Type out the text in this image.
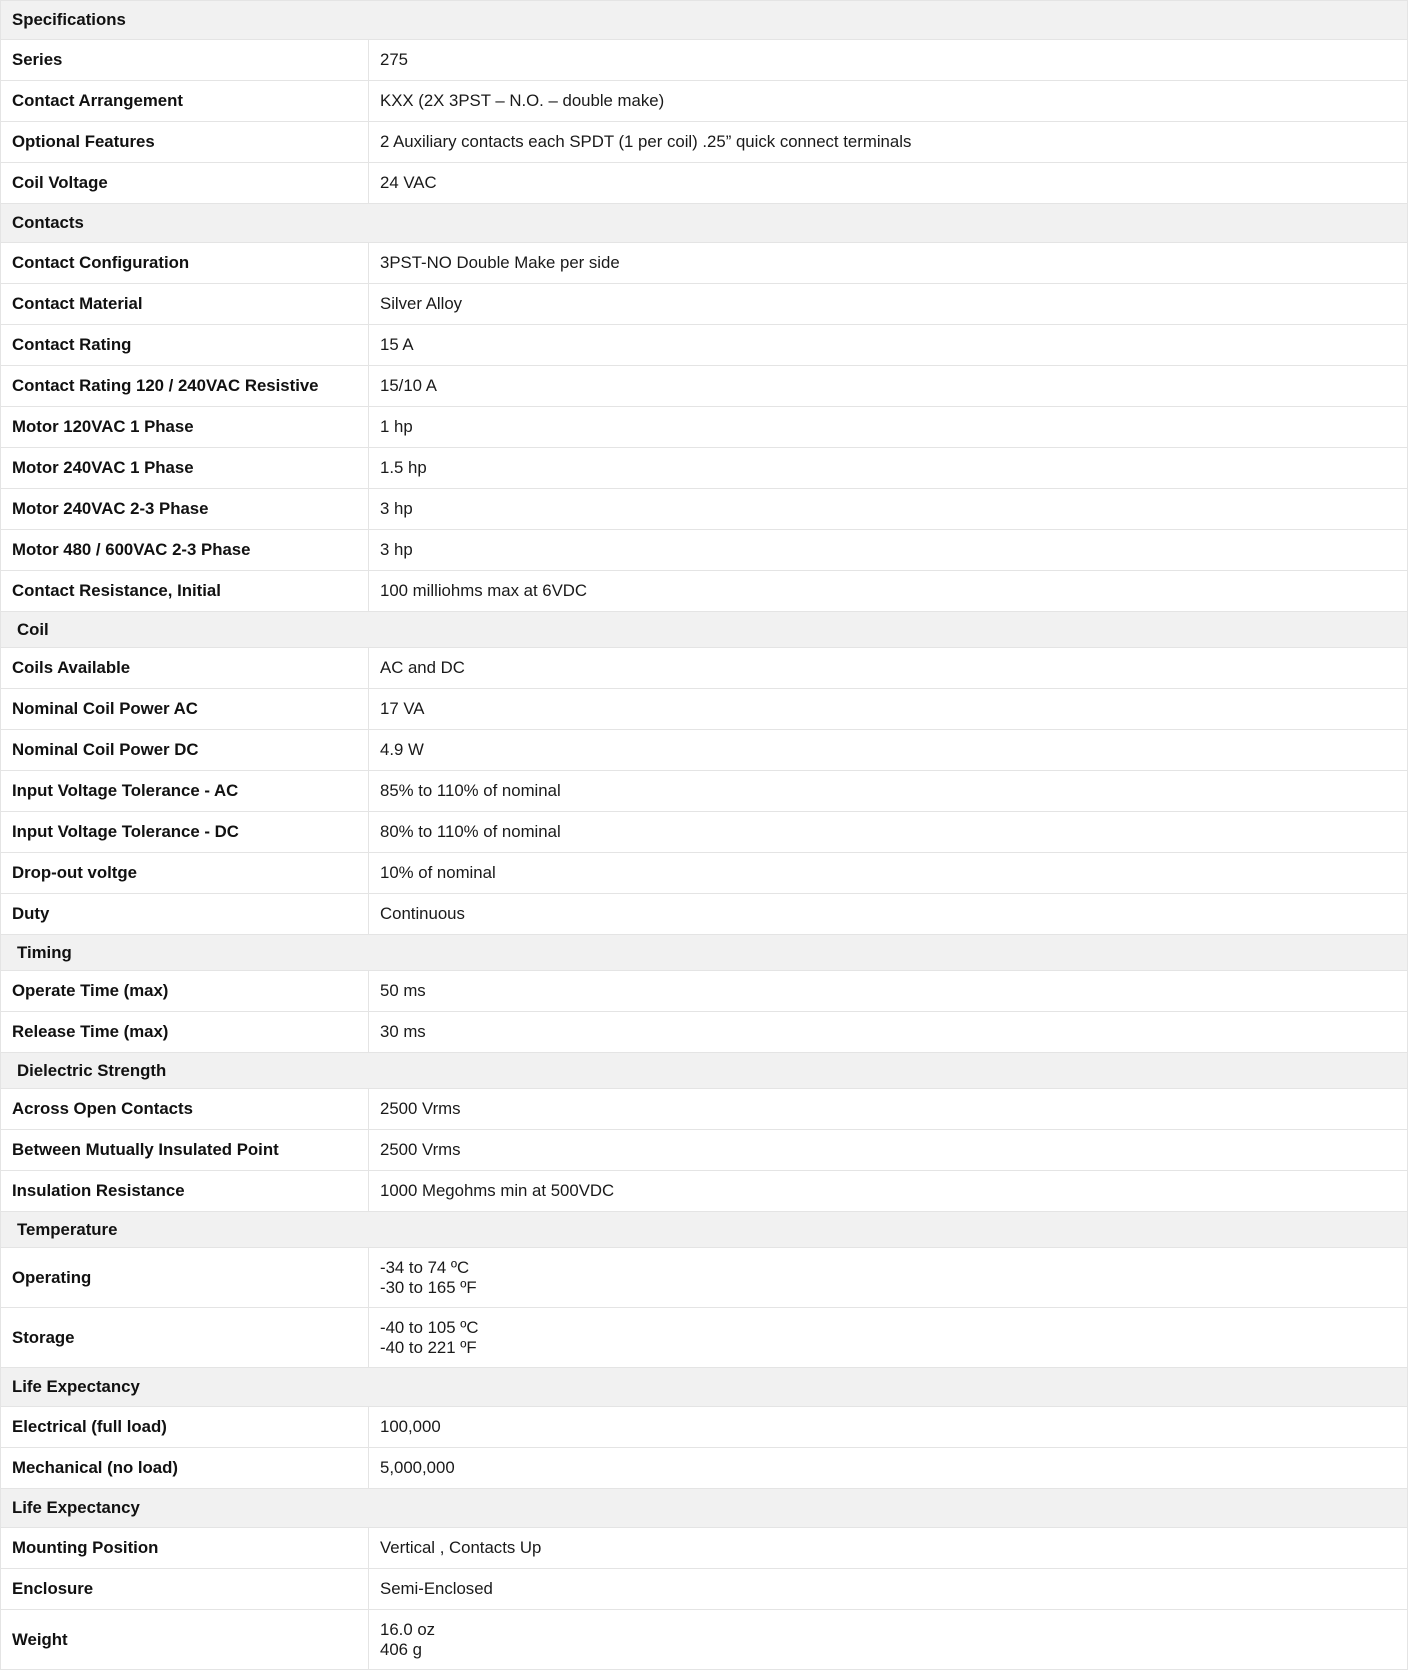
Specifications	
Series	275
Contact Arrangement	KXX (2X 3PST – N.O. – double make)
Optional Features	2 Auxiliary contacts each SPDT (1 per coil) .25” quick connect terminals
Coil Voltage	24 VAC
Contacts	
Contact Configuration	3PST-NO Double Make per side
Contact Material	Silver Alloy
Contact Rating	15 A
Contact Rating 120 / 240VAC Resistive	15/10 A
Motor 120VAC 1 Phase	1 hp
Motor 240VAC 1 Phase	1.5 hp
Motor 240VAC 2-3 Phase	3 hp
Motor 480 / 600VAC 2-3 Phase	3 hp
Contact Resistance, Initial	100 milliohms max at 6VDC
Coil	
Coils Available	AC and DC
Nominal Coil Power AC	17 VA
Nominal Coil Power DC	4.9 W
Input Voltage Tolerance - AC	85% to 110% of nominal
Input Voltage Tolerance - DC	80% to 110% of nominal
Drop-out voltge	10% of nominal
Duty	Continuous
Timing	
Operate Time (max)	50 ms
Release Time (max)	30 ms
Dielectric Strength	
Across Open Contacts	2500 Vrms
Between Mutually Insulated Point	2500 Vrms
Insulation Resistance	1000 Megohms min at 500VDC
Temperature	
Operating	-34 to 74 ºC
-30 to 165 ºF

Storage	-40 to 105 ºC
-40 to 221 ºF

Life Expectancy	
Electrical (full load)	100,000
Mechanical (no load)	5,000,000
Life Expectancy	
Mounting Position	Vertical , Contacts Up
Enclosure	Semi-Enclosed
Weight	16.0 oz
406 g
